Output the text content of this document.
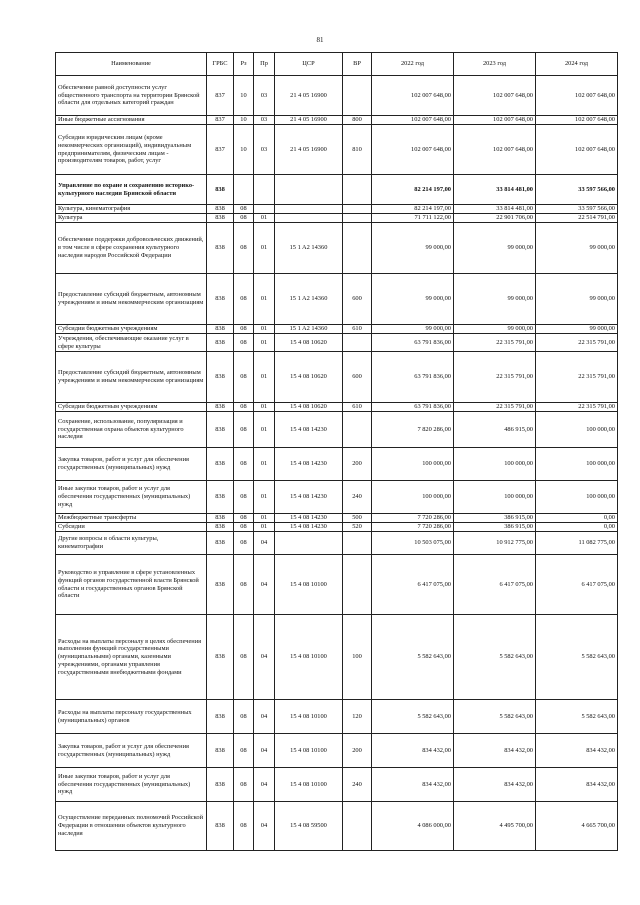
81
Наименование	ГРБС	Рз	Пр	ЦСР	ВР	2022 год	2023 год	2024 год
Обеспечение равной доступности услуг общественного транспорта на территории Брянской области для отдельных категорий граждан	837	10	03	21 4 05 16900		102 007 648,00	102 007 648,00	102 007 648,00
Иные бюджетные ассигнования	837	10	03	21 4 05 16900	800	102 007 648,00	102 007 648,00	102 007 648,00
Субсидии юридическим лицам (кроме некоммерческих организаций), индивидуальным предпринимателям, физическим лицам - производителям товаров, работ, услуг	837	10	03	21 4 05 16900	810	102 007 648,00	102 007 648,00	102 007 648,00
Управление по охране и сохранению историко-культурного наследия Брянской области	838					82 214 197,00	33 814 481,00	33 597 566,00
Культура, кинематография	838	08				82 214 197,00	33 814 481,00	33 597 566,00
Культура	838	08	01			71 711 122,00	22 901 706,00	22 514 791,00
Обеспечение поддержки добровольческих движений, в том числе в сфере сохранения культурного наследия народов Российской Федерации	838	08	01	15 1 A2 14360		99 000,00	99 000,00	99 000,00
Предоставление субсидий бюджетным, автономным учреждениям и иным некоммерческим организациям	838	08	01	15 1 A2 14360	600	99 000,00	99 000,00	99 000,00
Субсидии бюджетным учреждениям	838	08	01	15 1 A2 14360	610	99 000,00	99 000,00	99 000,00
Учреждения, обеспечивающие оказание услуг в сфере культуры	838	08	01	15 4 08 10620		63 791 836,00	22 315 791,00	22 315 791,00
Предоставление субсидий бюджетным, автономным учреждениям и иным некоммерческим организациям	838	08	01	15 4 08 10620	600	63 791 836,00	22 315 791,00	22 315 791,00
Субсидии бюджетным учреждениям	838	08	01	15 4 08 10620	610	63 791 836,00	22 315 791,00	22 315 791,00
Сохранение, использование, популяризация и государственная охрана объектов культурного наследия	838	08	01	15 4 08 14230		7 820 286,00	486 915,00	100 000,00
Закупка товаров, работ и услуг для обеспечения государственных (муниципальных) нужд	838	08	01	15 4 08 14230	200	100 000,00	100 000,00	100 000,00
Иные закупки товаров, работ и услуг для обеспечения государственных (муниципальных) нужд	838	08	01	15 4 08 14230	240	100 000,00	100 000,00	100 000,00
Межбюджетные трансферты	838	08	01	15 4 08 14230	500	7 720 286,00	386 915,00	0,00
Субсидии	838	08	01	15 4 08 14230	520	7 720 286,00	386 915,00	0,00
Другие вопросы в области культуры, кинематографии	838	08	04			10 503 075,00	10 912 775,00	11 082 775,00
Руководство и управление в сфере установленных функций органов государственной власти Брянской области и государственных органов Брянской области	838	08	04	15 4 08 10100		6 417 075,00	6 417 075,00	6 417 075,00
Расходы на выплаты персоналу в целях обеспечения выполнения функций государственными (муниципальными) органами, казенными учреждениями, органами управления государственными внебюджетными фондами	838	08	04	15 4 08 10100	100	5 582 643,00	5 582 643,00	5 582 643,00
Расходы на выплаты персоналу государственных (муниципальных) органов	838	08	04	15 4 08 10100	120	5 582 643,00	5 582 643,00	5 582 643,00
Закупка товаров, работ и услуг для обеспечения государственных (муниципальных) нужд	838	08	04	15 4 08 10100	200	834 432,00	834 432,00	834 432,00
Иные закупки товаров, работ и услуг для обеспечения государственных (муниципальных) нужд	838	08	04	15 4 08 10100	240	834 432,00	834 432,00	834 432,00
Осуществление переданных полномочий Российской Федерации в отношении объектов культурного наследия	838	08	04	15 4 08 59500		4 086 000,00	4 495 700,00	4 665 700,00
